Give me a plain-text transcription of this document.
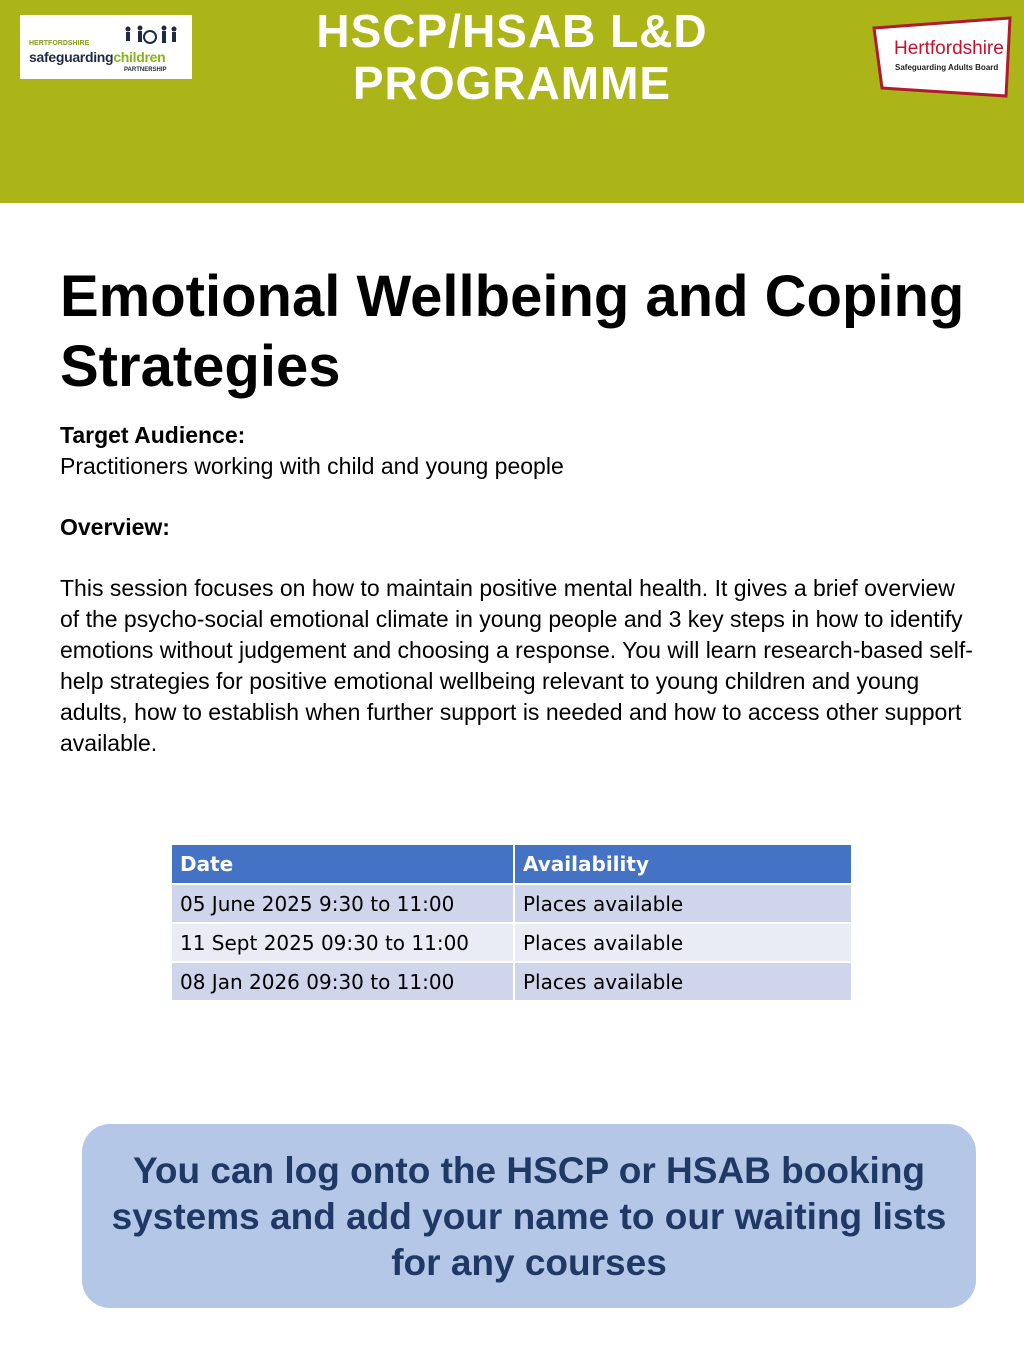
HSCP/HSAB L&D
PROGRAMME
HERTFORDSHIRE
safeguardingchildren
PARTNERSHIP
Hertfordshire
Safeguarding Adults Board
Emotional Wellbeing and Coping Strategies
Target Audience:
Practitioners working with child and young people
Overview:

This session focuses on how to maintain positive mental health. It gives a brief overview of the psycho-social emotional climate in young people and 3 key steps in how to identify emotions without judgement and choosing a response. You will learn research-based self-help strategies for positive emotional wellbeing relevant to young children and young adults, how to establish when further support is needed and how to access other support available.

Date	Availability
05 June 2025 9:30 to 11:00	Places available
11 Sept 2025 09:30 to 11:00	Places available
08 Jan 2026 09:30 to 11:00	Places available

You can log onto the HSCP or HSAB booking systems and add your name to our waiting lists for any courses
